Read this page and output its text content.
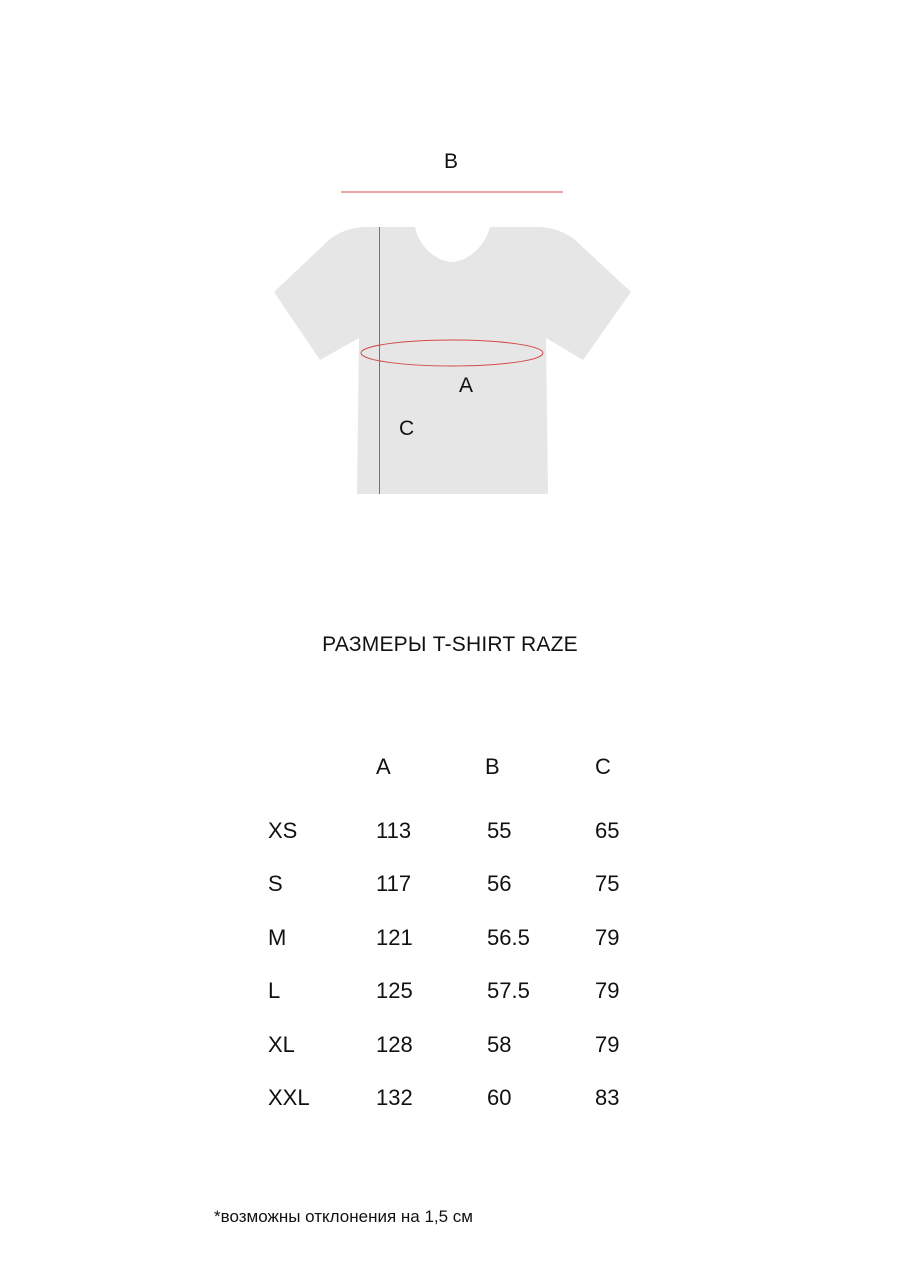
B
A
C
РАЗМЕРЫ T-SHIRT RAZE
A	B	C
XS	113	55	65
S	117	56	75
M	121	56.5	79
L	125	57.5	79
XL	128	58	79
XXL	132	60	83
*возможны отклонения на 1,5 см
